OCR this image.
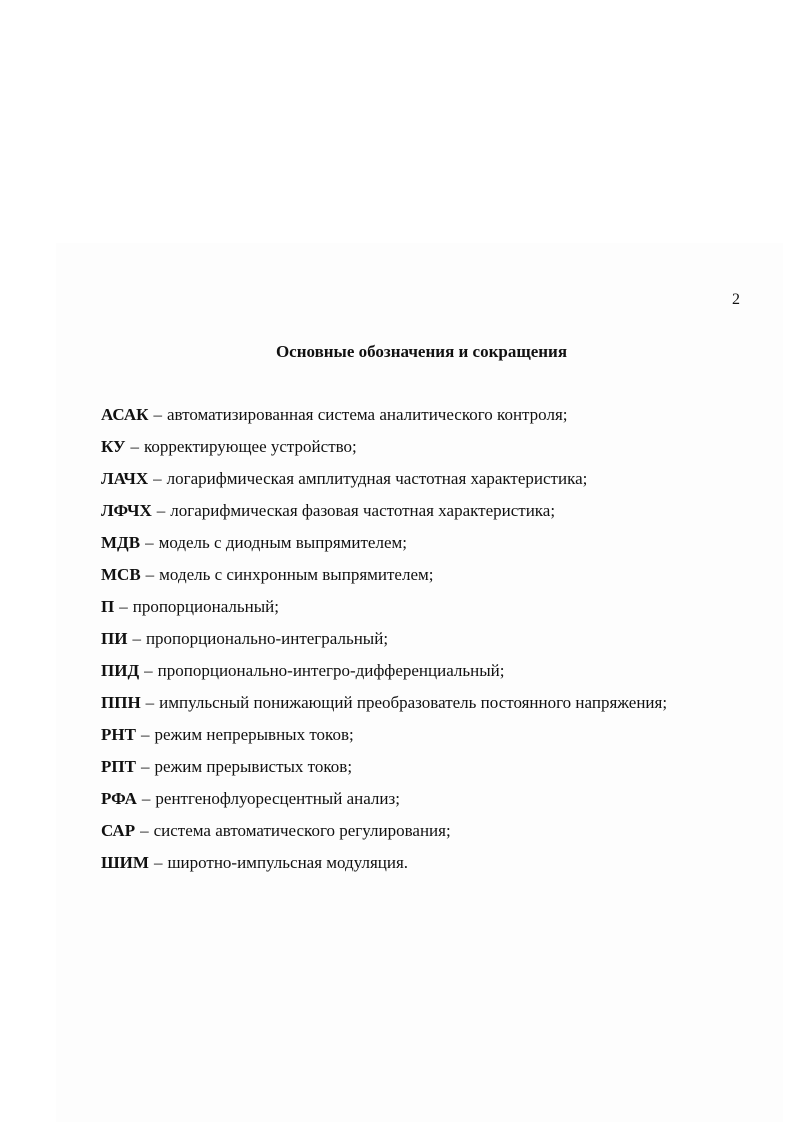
2
Основные обозначения и сокращения
АСАК – автоматизированная система аналитического контроля;
КУ – корректирующее устройство;
ЛАЧХ – логарифмическая амплитудная частотная характеристика;
ЛФЧХ – логарифмическая фазовая частотная характеристика;
МДВ – модель с диодным выпрямителем;
МСВ – модель с синхронным выпрямителем;
П – пропорциональный;
ПИ – пропорционально-интегральный;
ПИД – пропорционально-интегро-дифференциальный;
ППН – импульсный понижающий преобразователь постоянного напряжения;
РНТ – режим непрерывных токов;
РПТ – режим прерывистых токов;
РФА – рентгенофлуоресцентный анализ;
САР – система автоматического регулирования;
ШИМ – широтно-импульсная модуляция.
